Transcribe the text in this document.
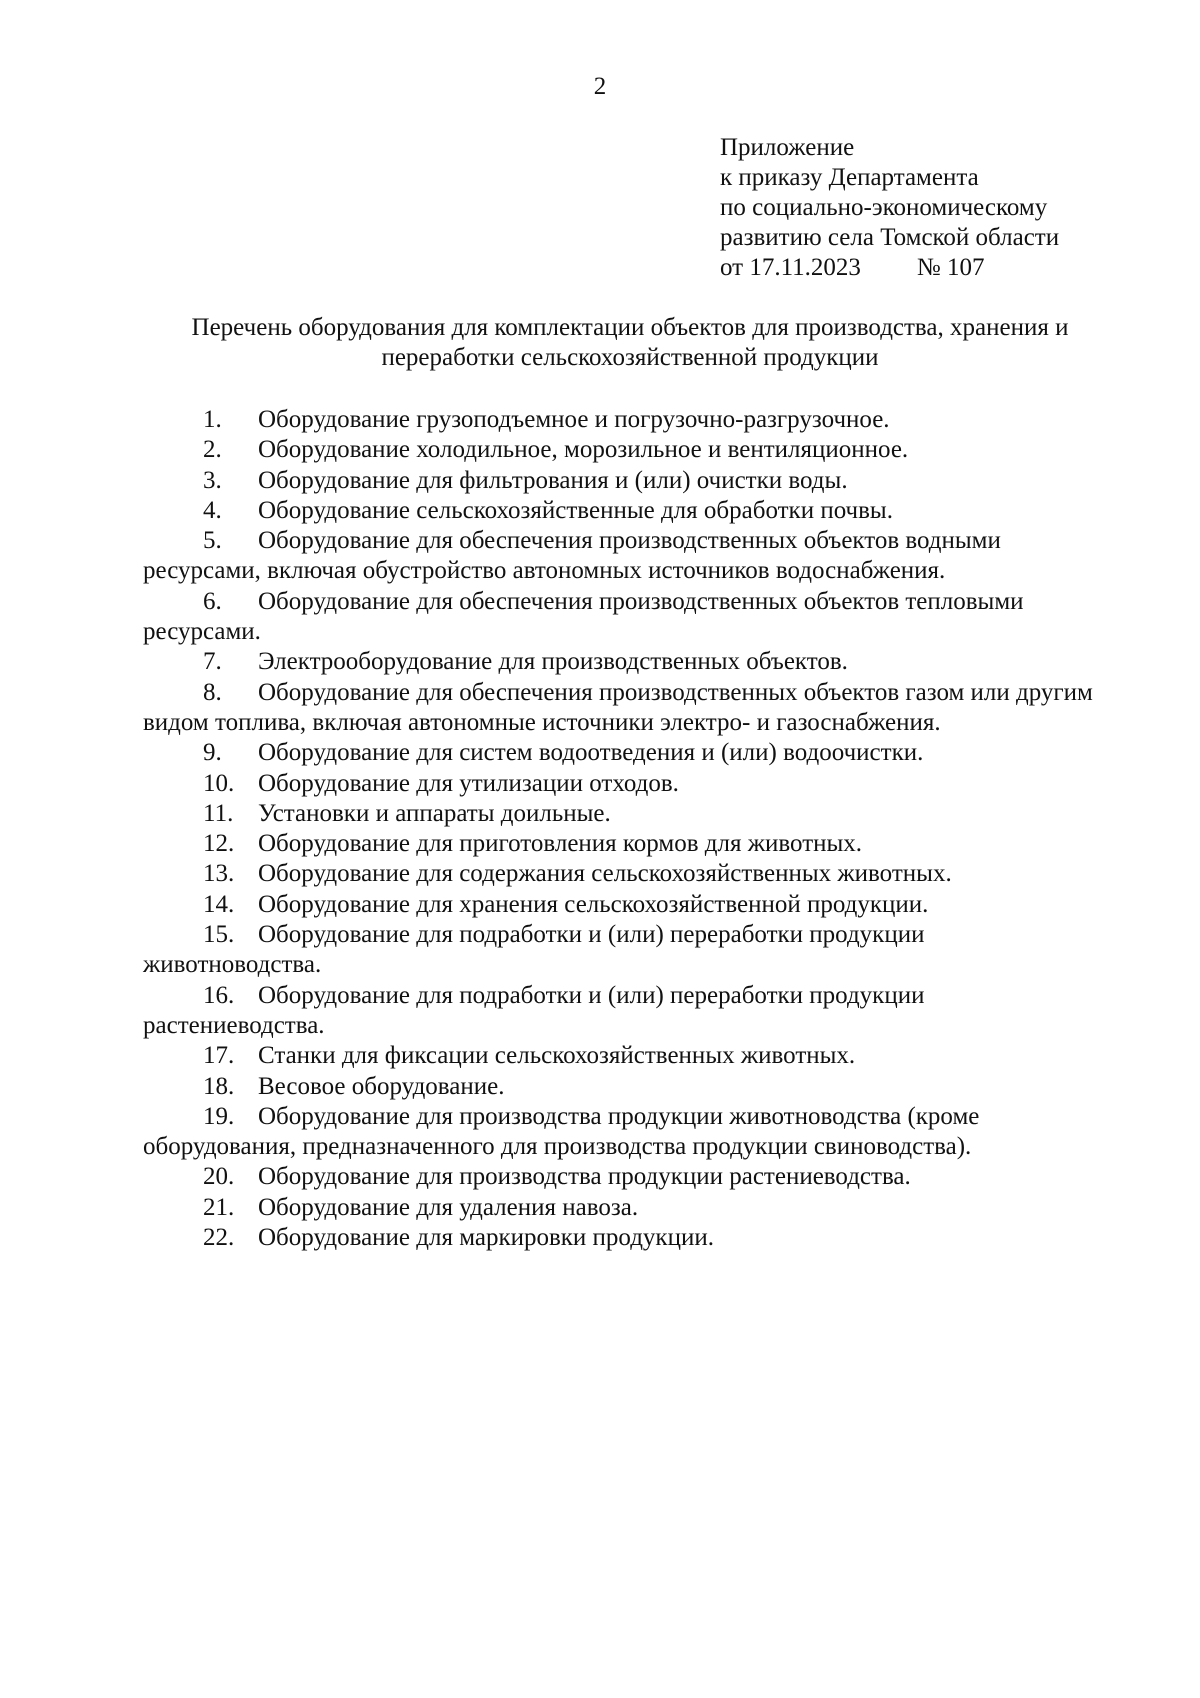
2
Приложение
к приказу Департамента
по социально-экономическому
развитию села Томской области
от 17.11.2023 № 107
Перечень оборудования для комплектации объектов для производства, хранения и
переработки сельскохозяйственной продукции

1. Оборудование грузоподъемное и погрузочно-разгрузочное.

2. Оборудование холодильное, морозильное и вентиляционное.

3. Оборудование для фильтрования и (или) очистки воды.

4. Оборудование сельскохозяйственные для обработки почвы.

5. Оборудование для обеспечения производственных объектов водными ресурсами, включая обустройство автономных источников водоснабжения.

6. Оборудование для обеспечения производственных объектов тепловыми ресурсами.

7. Электрооборудование для производственных объектов.

8. Оборудование для обеспечения производственных объектов газом или другим видом топлива, включая автономные источники электро- и газоснабжения.

9. Оборудование для систем водоотведения и (или) водоочистки.

10. Оборудование для утилизации отходов.

11. Установки и аппараты доильные.

12. Оборудование для приготовления кормов для животных.

13. Оборудование для содержания сельскохозяйственных животных.

14. Оборудование для хранения сельскохозяйственной продукции.

15. Оборудование для подработки и (или) переработки продукции животноводства.

16. Оборудование для подработки и (или) переработки продукции растениеводства.

17. Станки для фиксации сельскохозяйственных животных.

18. Весовое оборудование.

19. Оборудование для производства продукции животноводства (кроме оборудования, предназначенного для производства продукции свиноводства).

20. Оборудование для производства продукции растениеводства.

21. Оборудование для удаления навоза.

22. Оборудование для маркировки продукции.
